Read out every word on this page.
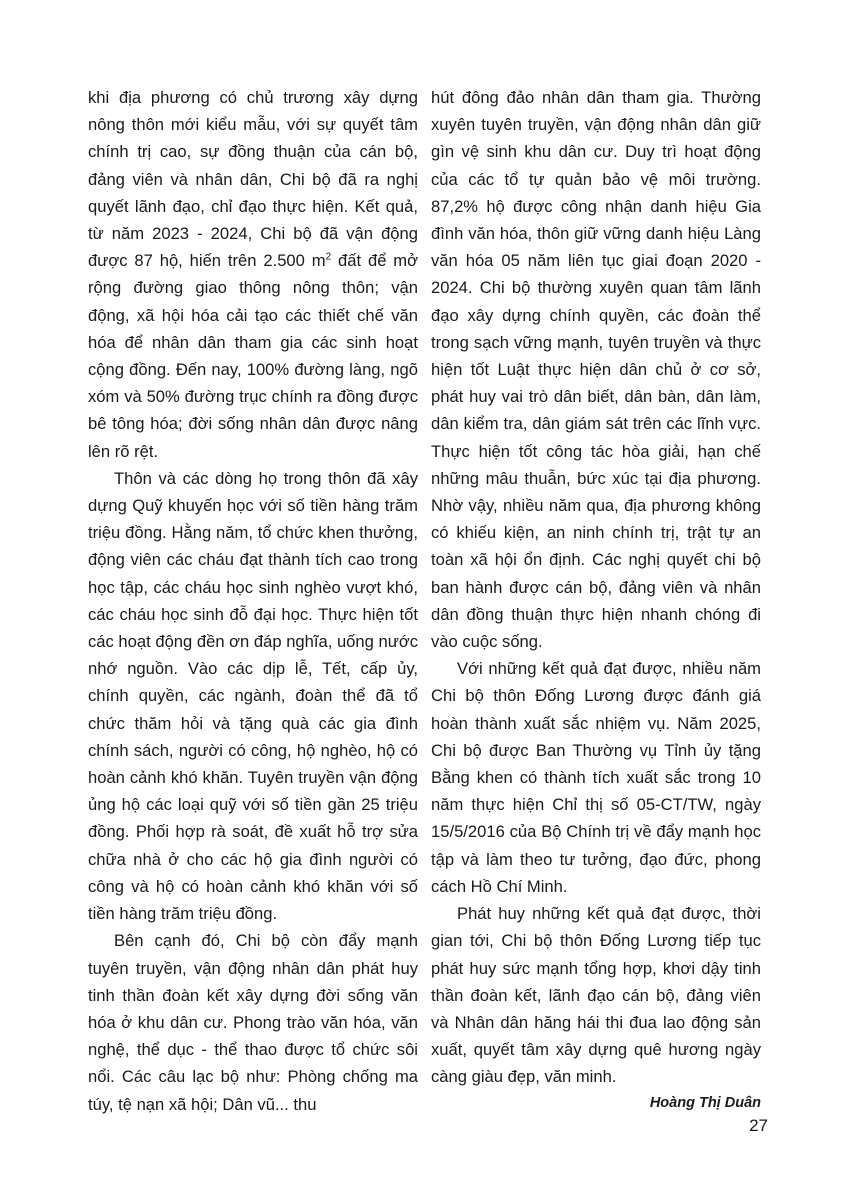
khi địa phương có chủ trương xây dựng nông thôn mới kiểu mẫu, với sự quyết tâm chính trị cao, sự đồng thuận của cán bộ, đảng viên và nhân dân, Chi bộ đã ra nghị quyết lãnh đạo, chỉ đạo thực hiện. Kết quả, từ năm 2023 - 2024, Chi bộ đã vận động được 87 hộ, hiến trên 2.500 $m^2$ đất để mở rộng đường giao thông nông thôn; vận động, xã hội hóa cải tạo các thiết chế văn hóa để nhân dân tham gia các sinh hoạt cộng đồng. Đến nay, 100% đường làng, ngõ xóm và 50% đường trục chính ra đồng được bê tông hóa; đời sống nhân dân được nâng lên rõ rệt.

Thôn và các dòng họ trong thôn đã xây dựng Quỹ khuyến học với số tiền hàng trăm triệu đồng. Hằng năm, tổ chức khen thưởng, động viên các cháu đạt thành tích cao trong học tập, các cháu học sinh nghèo vượt khó, các cháu học sinh đỗ đại học. Thực hiện tốt các hoạt động đền ơn đáp nghĩa, uống nước nhớ nguồn. Vào các dịp lễ, Tết, cấp ủy, chính quyền, các ngành, đoàn thể đã tổ chức thăm hỏi và tặng quà các gia đình chính sách, người có công, hộ nghèo, hộ có hoàn cảnh khó khăn. Tuyên truyền vận động ủng hộ các loại quỹ với số tiền gần 25 triệu đồng. Phối hợp rà soát, đề xuất hỗ trợ sửa chữa nhà ở cho các hộ gia đình người có công và hộ có hoàn cảnh khó khăn với số tiền hàng trăm triệu đồng.

Bên cạnh đó, Chi bộ còn đẩy mạnh tuyên truyền, vận động nhân dân phát huy tinh thần đoàn kết xây dựng đời sống văn hóa ở khu dân cư. Phong trào văn hóa, văn nghệ, thể dục - thể thao được tổ chức sôi nổi. Các câu lạc bộ như: Phòng chống ma túy, tệ nạn xã hội; Dân vũ... thu

hút đông đảo nhân dân tham gia. Thường xuyên tuyên truyền, vận động nhân dân giữ gìn vệ sinh khu dân cư. Duy trì hoạt động của các tổ tự quản bảo vệ môi trường. 87,2% hộ được công nhận danh hiệu Gia đình văn hóa, thôn giữ vững danh hiệu Làng văn hóa 05 năm liên tục giai đoạn 2020 - 2024. Chi bộ thường xuyên quan tâm lãnh đạo xây dựng chính quyền, các đoàn thể trong sạch vững mạnh, tuyên truyền và thực hiện tốt Luật thực hiện dân chủ ở cơ sở, phát huy vai trò dân biết, dân bàn, dân làm, dân kiểm tra, dân giám sát trên các lĩnh vực. Thực hiện tốt công tác hòa giải, hạn chế những mâu thuẫn, bức xúc tại địa phương. Nhờ vậy, nhiều năm qua, địa phương không có khiếu kiện, an ninh chính trị, trật tự an toàn xã hội ổn định. Các nghị quyết chi bộ ban hành được cán bộ, đảng viên và nhân dân đồng thuận thực hiện nhanh chóng đi vào cuộc sống.

Với những kết quả đạt được, nhiều năm Chi bộ thôn Đống Lương được đánh giá hoàn thành xuất sắc nhiệm vụ. Năm 2025, Chi bộ được Ban Thường vụ Tỉnh ủy tặng Bằng khen có thành tích xuất sắc trong 10 năm thực hiện Chỉ thị số 05-CT/TW, ngày 15/5/2016 của Bộ Chính trị về đẩy mạnh học tập và làm theo tư tưởng, đạo đức, phong cách Hồ Chí Minh.

Phát huy những kết quả đạt được, thời gian tới, Chi bộ thôn Đống Lương tiếp tục phát huy sức mạnh tổng hợp, khơi dậy tinh thần đoàn kết, lãnh đạo cán bộ, đảng viên và Nhân dân hăng hái thi đua lao động sản xuất, quyết tâm xây dựng quê hương ngày càng giàu đẹp, văn minh.

Hoàng Thị Duân
27
